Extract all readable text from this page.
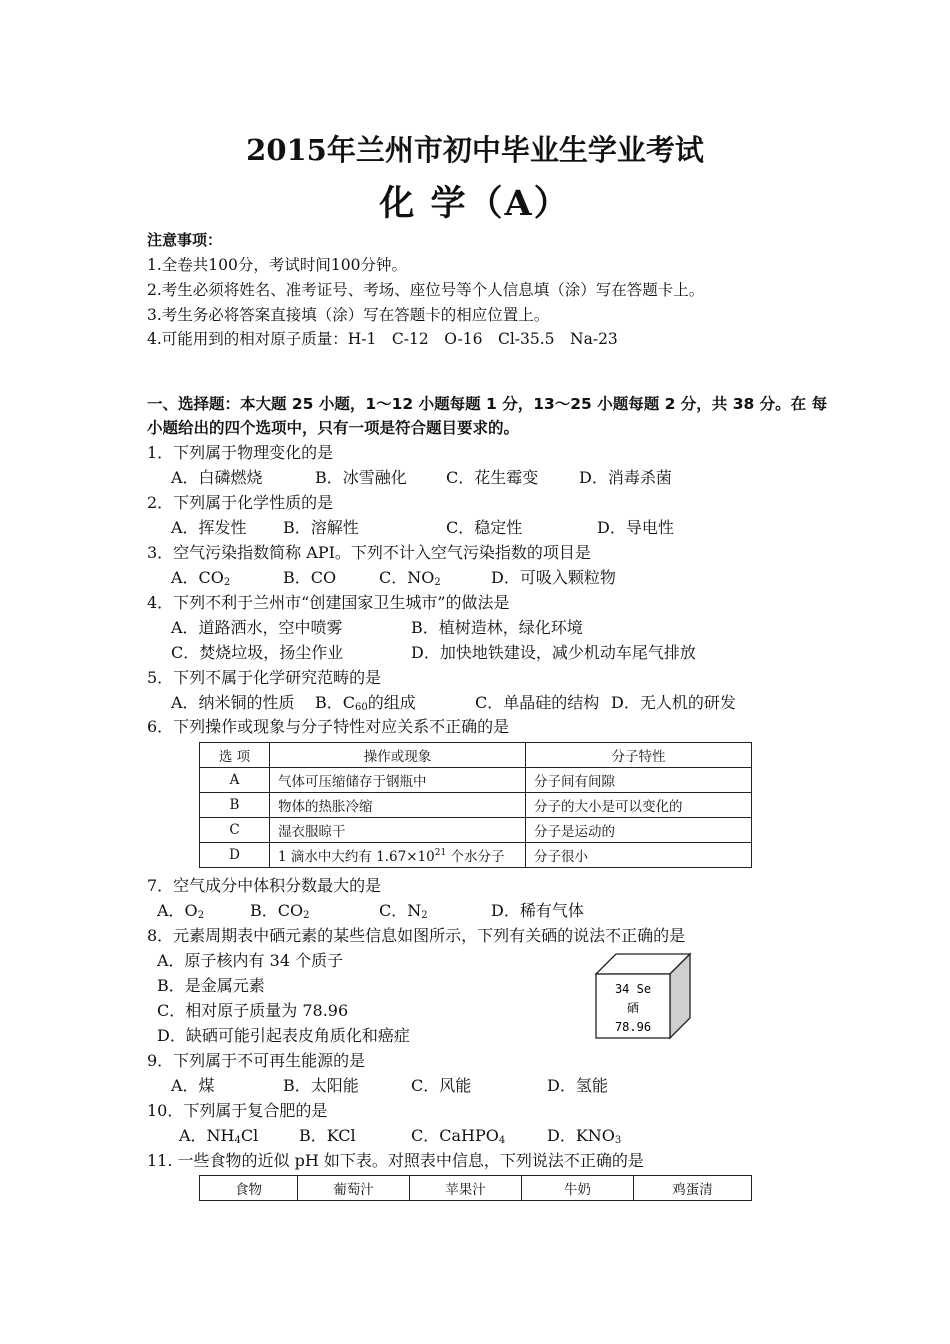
2015年兰州市初中毕业生学业考试
化 学（A）
注意事项：
1.全卷共100分，考试时间100分钟。
2.考生必须将姓名、准考证号、考场、座位号等个人信息填（涂）写在答题卡上。
3.考生务必将答案直接填（涂）写在答题卡的相应位置上。
4.可能用到的相对原子质量：H-1　C-12　O-16　Cl-35.5　Na-23
一、选择题：本大题 25 小题，1～12 小题每题 1 分，13～25 小题每题 2 分，共 38 分。在 每
小题给出的四个选项中，只有一项是符合题目要求的。
1．下列属于物理变化的是
A．白磷燃烧	B．冰雪融化 C．花生霉变	D．消毒杀菌
2．下列属于化学性质的是
A．挥发性 B．溶解性	C．稳定性	D．导电性
3．空气污染指数简称 API。下列不计入空气污染指数的项目是
A．$CO_2$	B．CO	C．$NO_2$	D．可吸入颗粒物
4．下列不利于兰州市“创建国家卫生城市”的做法是
A．道路洒水，空中喷雾	B．植树造林，绿化环境
C．焚烧垃圾，扬尘作业	D．加快地铁建设，减少机动车尾气排放
5．下列不属于化学研究范畴的是
A．纳米铜的性质 B．$C_{60}$的组成	C．单晶硅的结构 D．无人机的研发
6．下列操作或现象与分子特性对应关系不正确的是
选 项	操作或现象	分子特性
A	气体可压缩储存于钢瓶中	分子间有间隙
B	物体的热胀冷缩	分子的大小是可以变化的
C	湿衣服晾干	分子是运动的
D	1 滴水中大约有 $1.67\times 10^{21}$ 个水分子	分子很小
7．空气成分中体积分数最大的是
A．$O_2$	B．$CO_2$	C．$N_2$	D．稀有气体
8．元素周期表中硒元素的某些信息如图所示，下列有关硒的说法不正确的是
A．原子核内有 34 个质子
B．是金属元素
C．相对原子质量为 78.96
D．缺硒可能引起表皮角质化和癌症
34 Se
硒
78.96
9．下列属于不可再生能源的是
A．煤	B．太阳能	C．风能	D．氢能
10．下列属于复合肥的是
A．$NH_4Cl$	B．KCl	C．CaHPO$_4$	D．$KNO_3$
11. 一些食物的近似 pH 如下表。对照表中信息，下列说法不正确的是
食物	葡萄汁	苹果汁	牛奶	鸡蛋清
